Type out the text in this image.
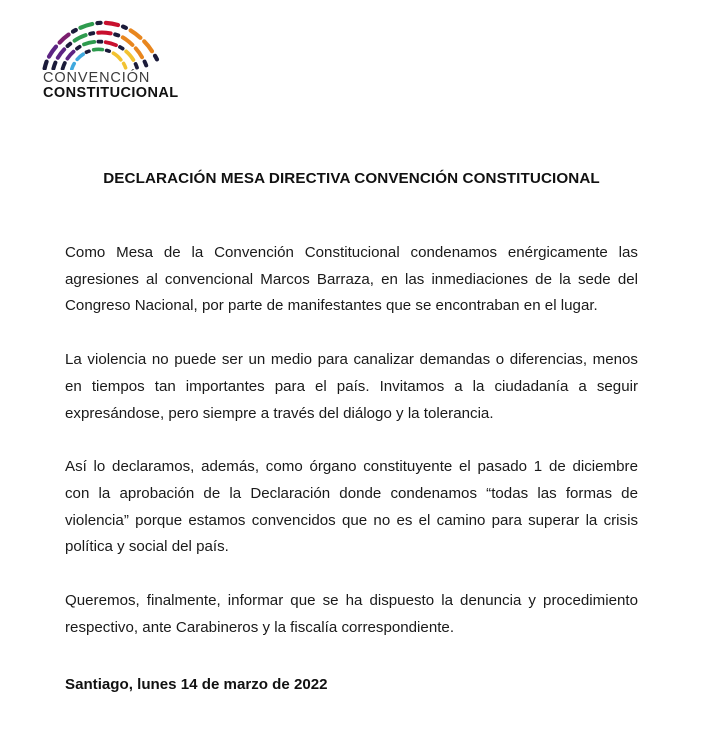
CONVENCIÓN
CONSTITUCIONAL
DECLARACIÓN MESA DIRECTIVA CONVENCIÓN CONSTITUCIONAL

Como Mesa de la Convención Constitucional condenamos enérgicamente las agresiones al convencional Marcos Barraza, en las inmediaciones de la sede del Congreso Nacional, por parte de manifestantes que se encontraban en el lugar.

La violencia no puede ser un medio para canalizar demandas o diferencias, menos en tiempos tan importantes para el país. Invitamos a la ciudadanía a seguir expresándose, pero siempre a través del diálogo y la tolerancia.

Así lo declaramos, además, como órgano constituyente el pasado 1 de diciembre con la aprobación de la Declaración donde condenamos “todas las formas de violencia” porque estamos convencidos que no es el camino para superar la crisis política y social del país.

Queremos, finalmente, informar que se ha dispuesto la denuncia y procedimiento respectivo, ante Carabineros y la fiscalía correspondiente.

Santiago, lunes 14 de marzo de 2022
